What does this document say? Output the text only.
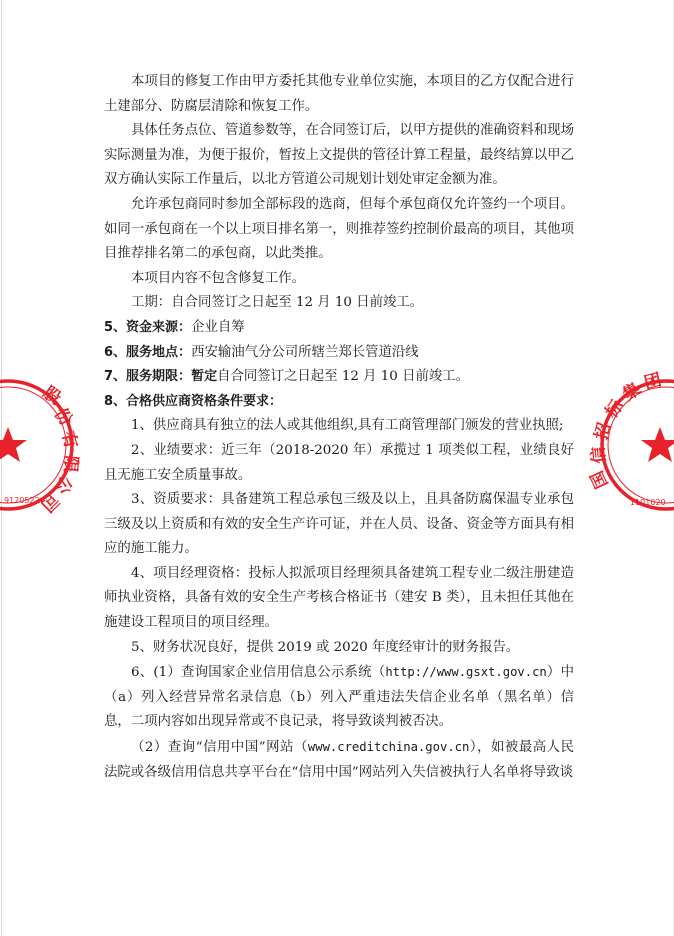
股
份
有
限
公
司
9120522
国
信
招
标
集
团
1101020

本项目的修复工作由甲方委托其他专业单位实施，本项目的乙方仅配合进行土建部分、防腐层清除和恢复工作。

具体任务点位、管道参数等，在合同签订后，以甲方提供的准确资料和现场实际测量为准，为便于报价，暂按上文提供的管径计算工程量，最终结算以甲乙双方确认实际工作量后，以北方管道公司规划计划处审定金额为准。

允许承包商同时参加全部标段的选商，但每个承包商仅允许签约一个项目。如同一承包商在一个以上项目排名第一，则推荐签约控制价最高的项目，其他项目推荐排名第二的承包商，以此类推。

本项目内容不包含修复工作。

工期：自合同签订之日起至 12 月 10 日前竣工。

5、资金来源：企业自筹

6、服务地点：西安输油气分公司所辖兰郑长管道沿线

7、服务期限：暂定自合同签订之日起至 12 月 10 日前竣工。

8、合格供应商资格条件要求：

1、供应商具有独立的法人或其他组织,具有工商管理部门颁发的营业执照;

2、业绩要求：近三年（2018-2020 年）承揽过 1 项类似工程，业绩良好且无施工安全质量事故。

3、资质要求：具备建筑工程总承包三级及以上，且具备防腐保温专业承包三级及以上资质和有效的安全生产许可证，并在人员、设备、资金等方面具有相应的施工能力。

4、项目经理资格：投标人拟派项目经理须具备建筑工程专业二级注册建造师执业资格，具备有效的安全生产考核合格证书（建安 B 类），且未担任其他在施建设工程项目的项目经理。

5、财务状况良好，提供 2019 或 2020 年度经审计的财务报告。

6、(1）查询国家企业信用信息公示系统（http://www.gsxt.gov.cn）中（a）列入经营异常名录信息（b）列入严重违法失信企业名单（黑名单）信息，二项内容如出现异常或不良记录，将导致谈判被否决。

（2）查询“信用中国”网站（www.creditchina.gov.cn），如被最高人民法院或各级信用信息共享平台在“信用中国”网站列入失信被执行人名单将导致谈
